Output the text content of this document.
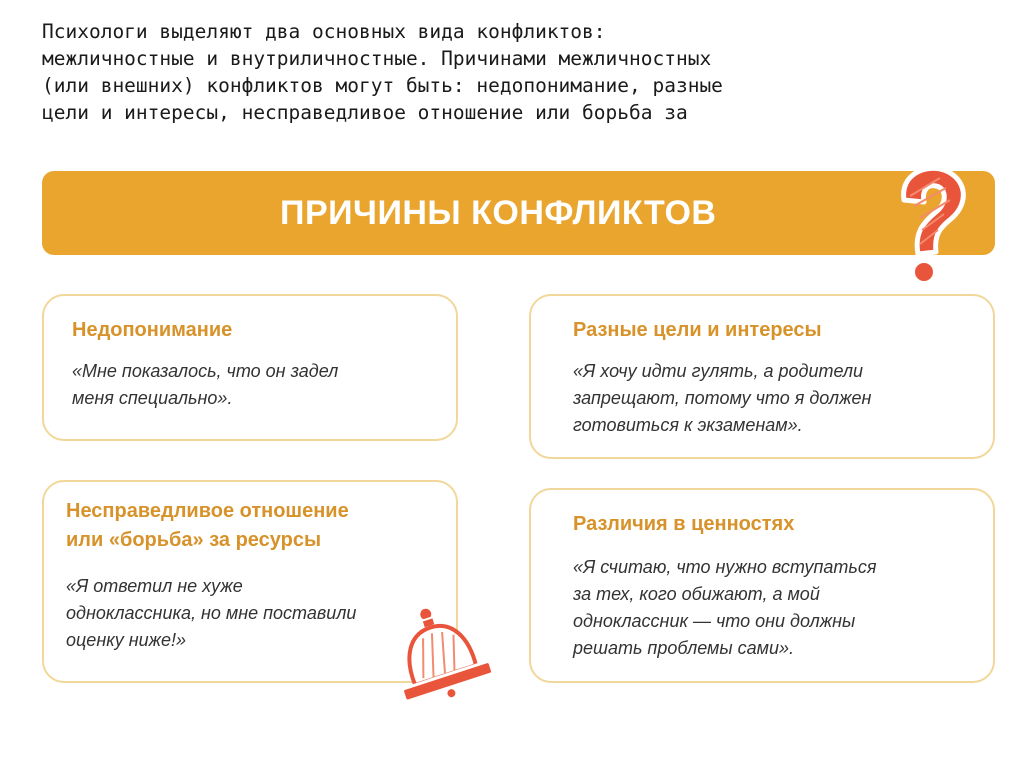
Психологи выделяют два основных вида конфликтов:
межличностные и внутриличностные. Причинами межличностных
(или внешних) конфликтов могут быть: недопонимание, разные
цели и интересы, несправедливое отношение или борьба за

ПРИЧИНЫ КОНФЛИКТОВ

Недопонимание

«Мне показалось, что он задел
меня специально».

Разные цели и интересы

«Я хочу идти гулять, а родители
запрещают, потому что я должен
готовиться к экзаменам».

Несправедливое отношение
или «борьба» за ресурсы

«Я ответил не хуже
одноклассника, но мне поставили
оценку ниже!»

Различия в ценностях

«Я считаю, что нужно вступаться
за тех, кого обижают, а мой
одноклассник — что они должны
решать проблемы сами».
